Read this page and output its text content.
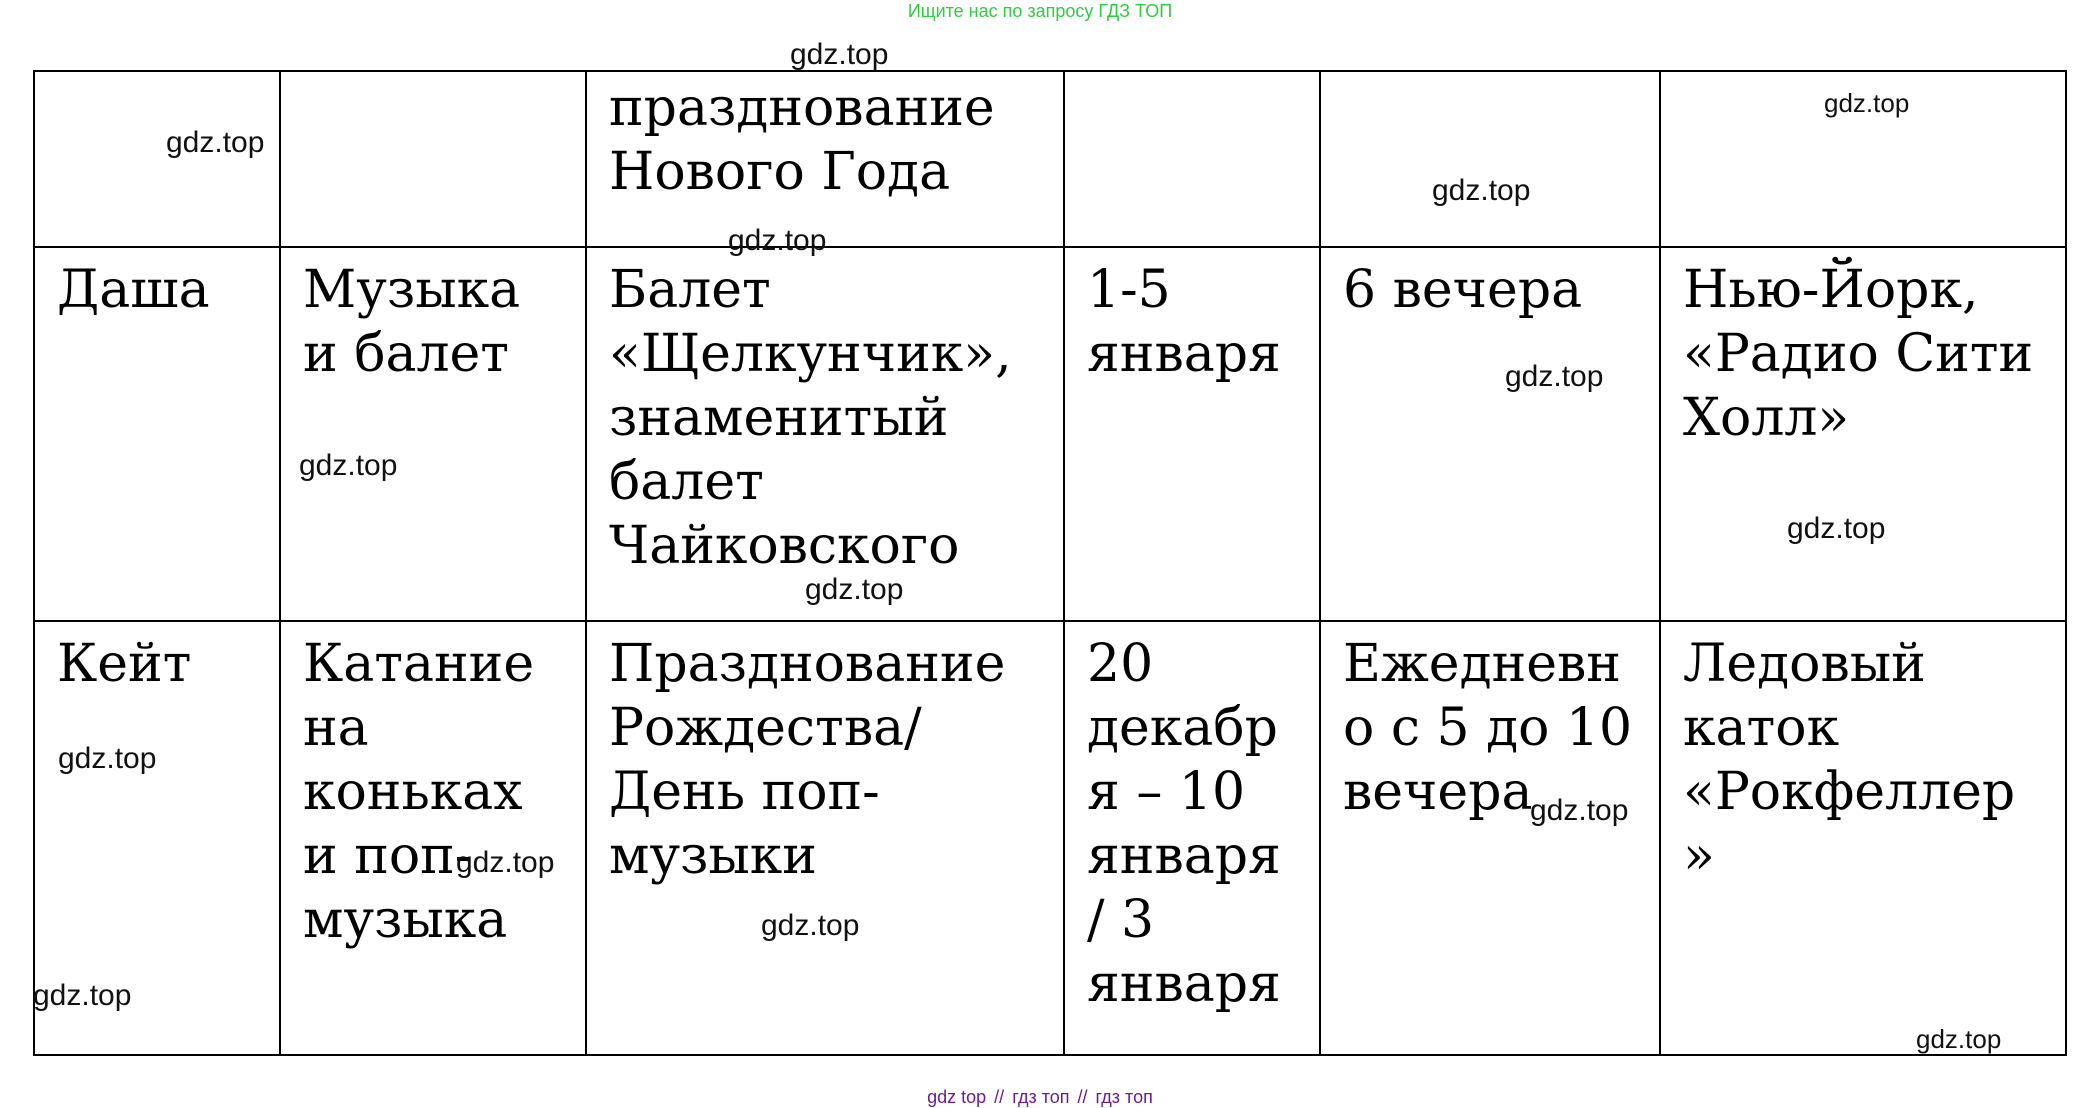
Ищите нас по запросу ГДЗ ТОП
		празднование Нового Года			
Даша	Музыка и балет	Балет «Щелкунчик», знаменитый балет Чайковского	1-5 января	6 вечера	Нью-Йорк, «Радио Сити Холл»
Кейт	Катание на коньках и поп-музыка	Празднование Рождества/День поп-музыки	20 декабря – 10 января / 3 января	Ежедневно с 5 до 10 вечера	Ледовый каток «Рокфеллер»
gdz.top
gdz.top
gdz.top
gdz.top
gdz.top
gdz.top
gdz.top
gdz.top
gdz.top
gdz.top
gdz.top
gdz.top
gdz.top
gdz.top
gdz.top
gdz top // гдз топ // гдз топ
